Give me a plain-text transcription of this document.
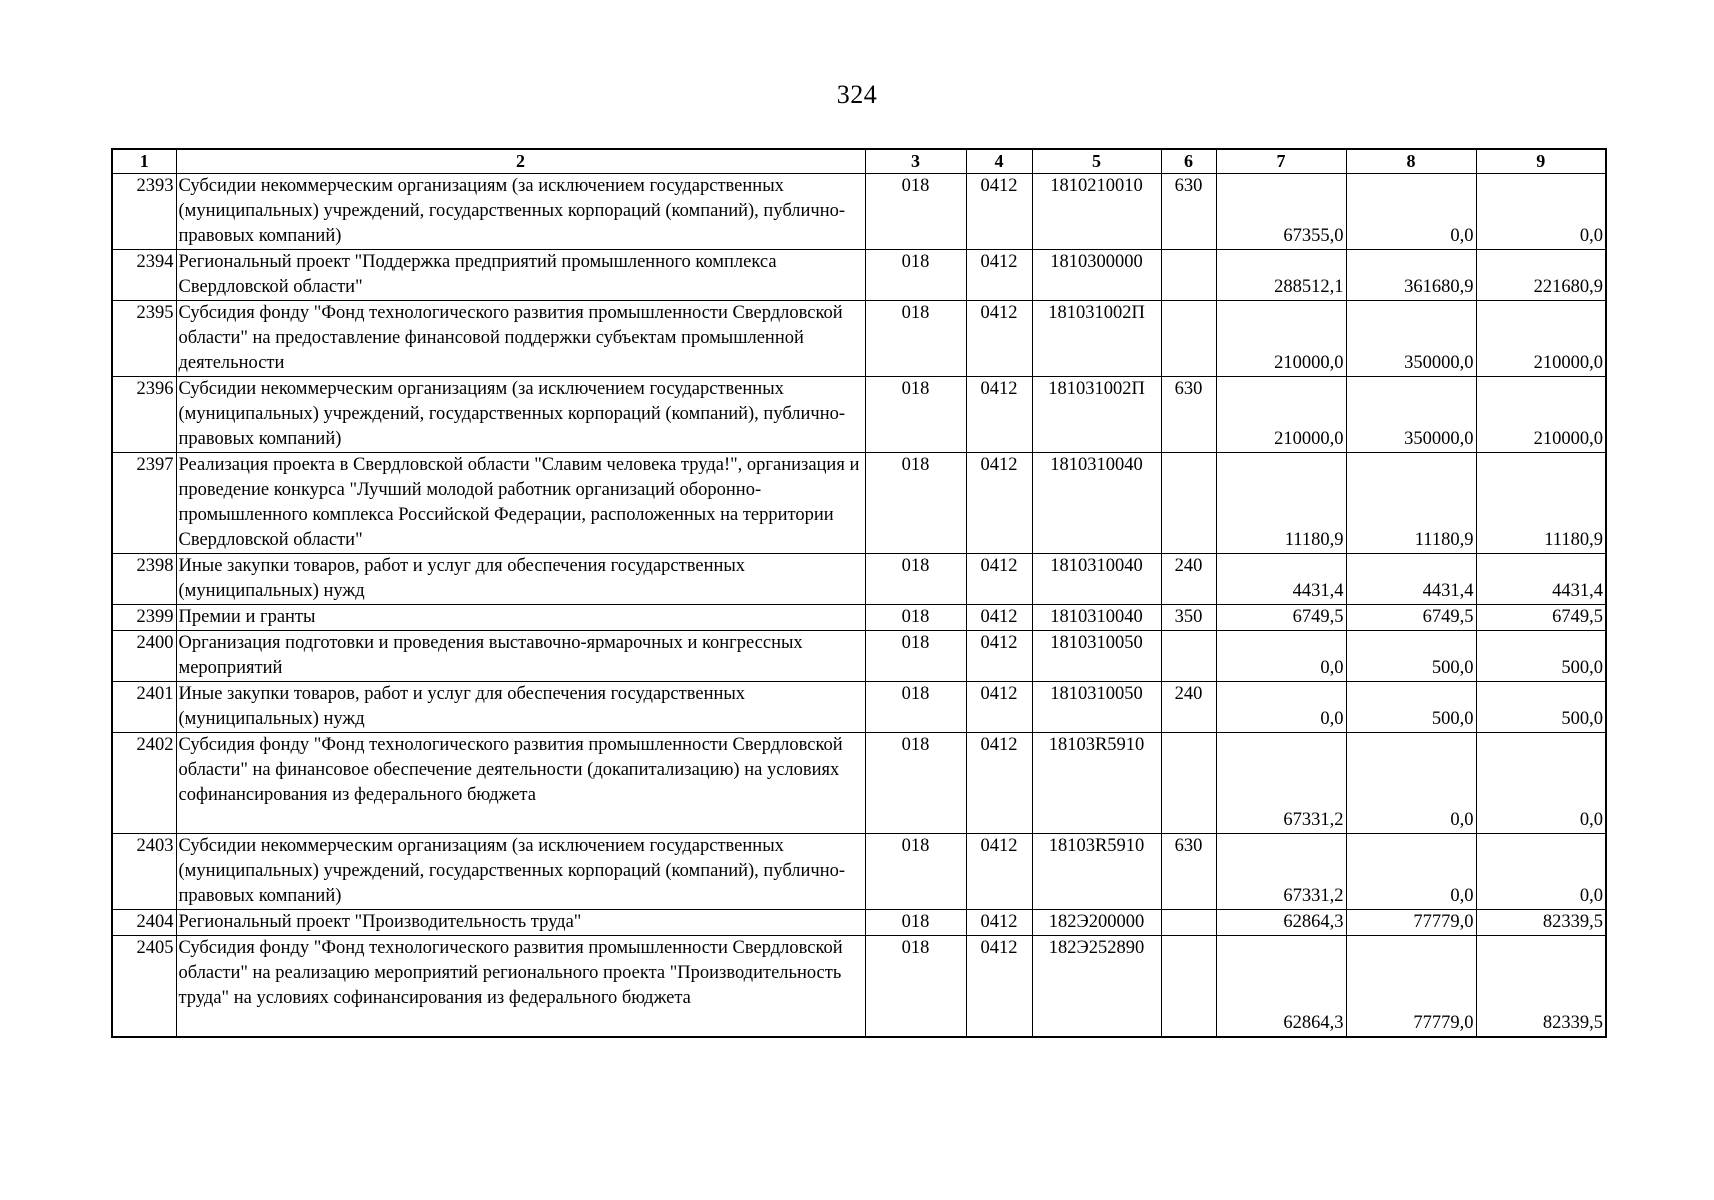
324
1	2	3	4	5	6	7	8	9
2393	Субсидии некоммерческим организациям (за исключением государственных (муниципальных) учреждений, государственных корпораций (компаний), публично-правовых компаний)	018	0412	1810210010	630	67355,0	0,0	0,0
2394	Региональный проект "Поддержка предприятий промышленного комплекса Свердловской области"	018	0412	1810300000		288512,1	361680,9	221680,9
2395	Субсидия фонду "Фонд технологического развития промышленности Свердловской области" на предоставление финансовой поддержки субъектам промышленной деятельности	018	0412	181031002П		210000,0	350000,0	210000,0
2396	Субсидии некоммерческим организациям (за исключением государственных (муниципальных) учреждений, государственных корпораций (компаний), публично-правовых компаний)	018	0412	181031002П	630	210000,0	350000,0	210000,0
2397	Реализация проекта в Свердловской области "Славим человека труда!", организация и проведение конкурса "Лучший молодой работник организаций оборонно-промышленного комплекса Российской Федерации, расположенных на территории Свердловской области"	018	0412	1810310040		11180,9	11180,9	11180,9
2398	Иные закупки товаров, работ и услуг для обеспечения государственных (муниципальных) нужд	018	0412	1810310040	240	4431,4	4431,4	4431,4
2399	Премии и гранты	018	0412	1810310040	350	6749,5	6749,5	6749,5
2400	Организация подготовки и проведения выставочно-ярмарочных и конгрессных мероприятий	018	0412	1810310050		0,0	500,0	500,0
2401	Иные закупки товаров, работ и услуг для обеспечения государственных (муниципальных) нужд	018	0412	1810310050	240	0,0	500,0	500,0
2402	Субсидия фонду "Фонд технологического развития промышленности Свердловской области" на финансовое обеспечение деятельности (докапитализацию) на условиях софинансирования из федерального бюджета	018	0412	18103R5910		67331,2	0,0	0,0
2403	Субсидии некоммерческим организациям (за исключением государственных (муниципальных) учреждений, государственных корпораций (компаний), публично-правовых компаний)	018	0412	18103R5910	630	67331,2	0,0	0,0
2404	Региональный проект "Производительность труда"	018	0412	182Э200000		62864,3	77779,0	82339,5
2405	Субсидия фонду "Фонд технологического развития промышленности Свердловской области" на реализацию мероприятий регионального проекта "Производительность труда" на условиях софинансирования из федерального бюджета	018	0412	182Э252890		62864,3	77779,0	82339,5
